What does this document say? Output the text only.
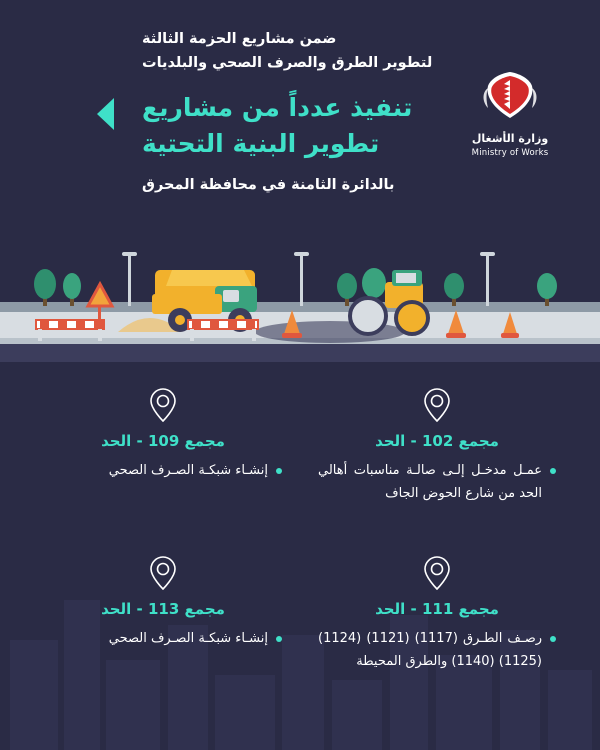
وزارة الأشغال
Ministry of Works
ضمن مشاريع الحزمة الثالثة
لتطوير الطرق والصرف الصحي والبلديات
تنفيذ عدداً من مشاريع
تطوير البنية التحتية
بالدائرة الثامنة في محافظة المحرق
مجمع 102 - الحد
عمـل مدخـل إلـى صالـة مناسبات أهالي الحد من شارع الحوض الجاف
مجمع 109 - الحد
إنشـاء شبكـة الصـرف الصحي
مجمع 111 - الحد
رصـف الطـرق (1117) (1121) (1124) (1125) (1140) والطرق المحيطة
مجمع 113 - الحد
إنشـاء شبكـة الصـرف الصحي
